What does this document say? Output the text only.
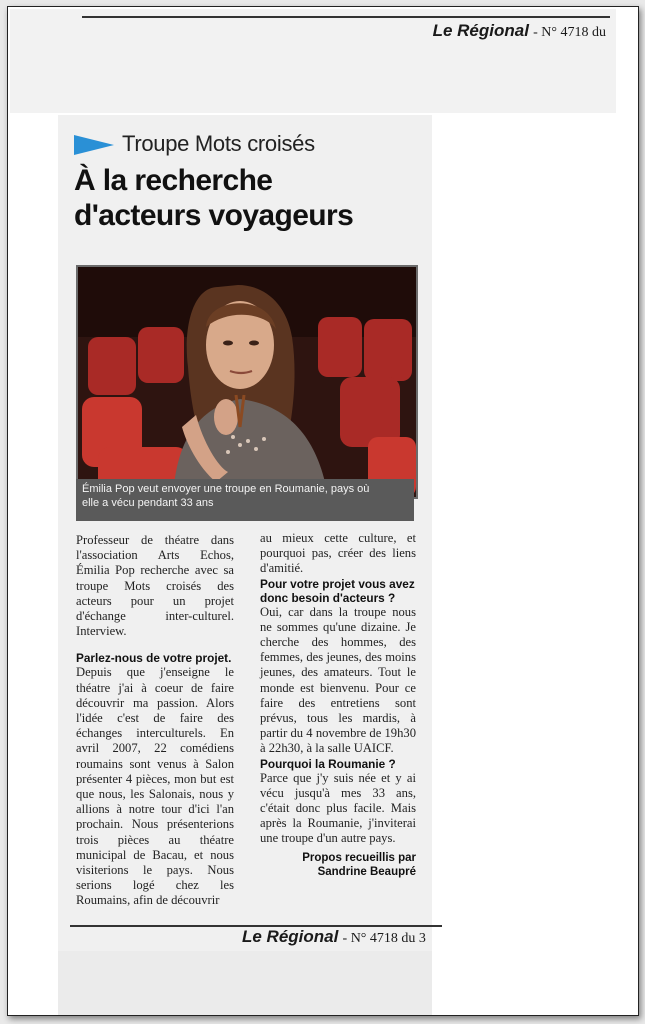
Le Régional - N° 4718 du
Troupe Mots croisés
À la recherche
d'acteurs voyageurs
Émilia Pop veut envoyer une troupe en Roumanie, pays où
elle a vécu pendant 33 ans

Professeur de théatre dans l'association Arts Echos, Émilia Pop recherche avec sa troupe Mots croisés des acteurs pour un projet d'échange inter-culturel. Interview.

Parlez-nous de votre projet.

Depuis que j'enseigne le théatre j'ai à coeur de faire découvrir ma passion. Alors l'idée c'est de faire des échanges interculturels. En avril 2007, 22 comédiens roumains sont venus à Salon présenter 4 pièces, mon but est que nous, les Salonais, nous y allions à notre tour d'ici l'an prochain. Nous présenterions trois pièces au théatre municipal de Bacau, et nous visiterions le pays. Nous serions logé chez les Roumains, afin de découvrir

au mieux cette culture, et pourquoi pas, créer des liens d'amitié.

Pour votre projet vous avez donc besoin d'acteurs ?

Oui, car dans la troupe nous ne sommes qu'une dizaine. Je cherche des hommes, des femmes, des jeunes, des moins jeunes, des amateurs. Tout le monde est bienvenu. Pour ce faire des entretiens sont prévus, tous les mardis, à partir du 4 novembre de 19h30 à 22h30, à la salle UAICF.

Pourquoi la Roumanie ?

Parce que j'y suis née et y ai vécu jusqu'à mes 33 ans, c'était donc plus facile. Mais après la Roumanie, j'inviterai une troupe d'un autre pays.

Propos recueillis par
Sandrine Beaupré

Le Régional - N° 4718 du 3
